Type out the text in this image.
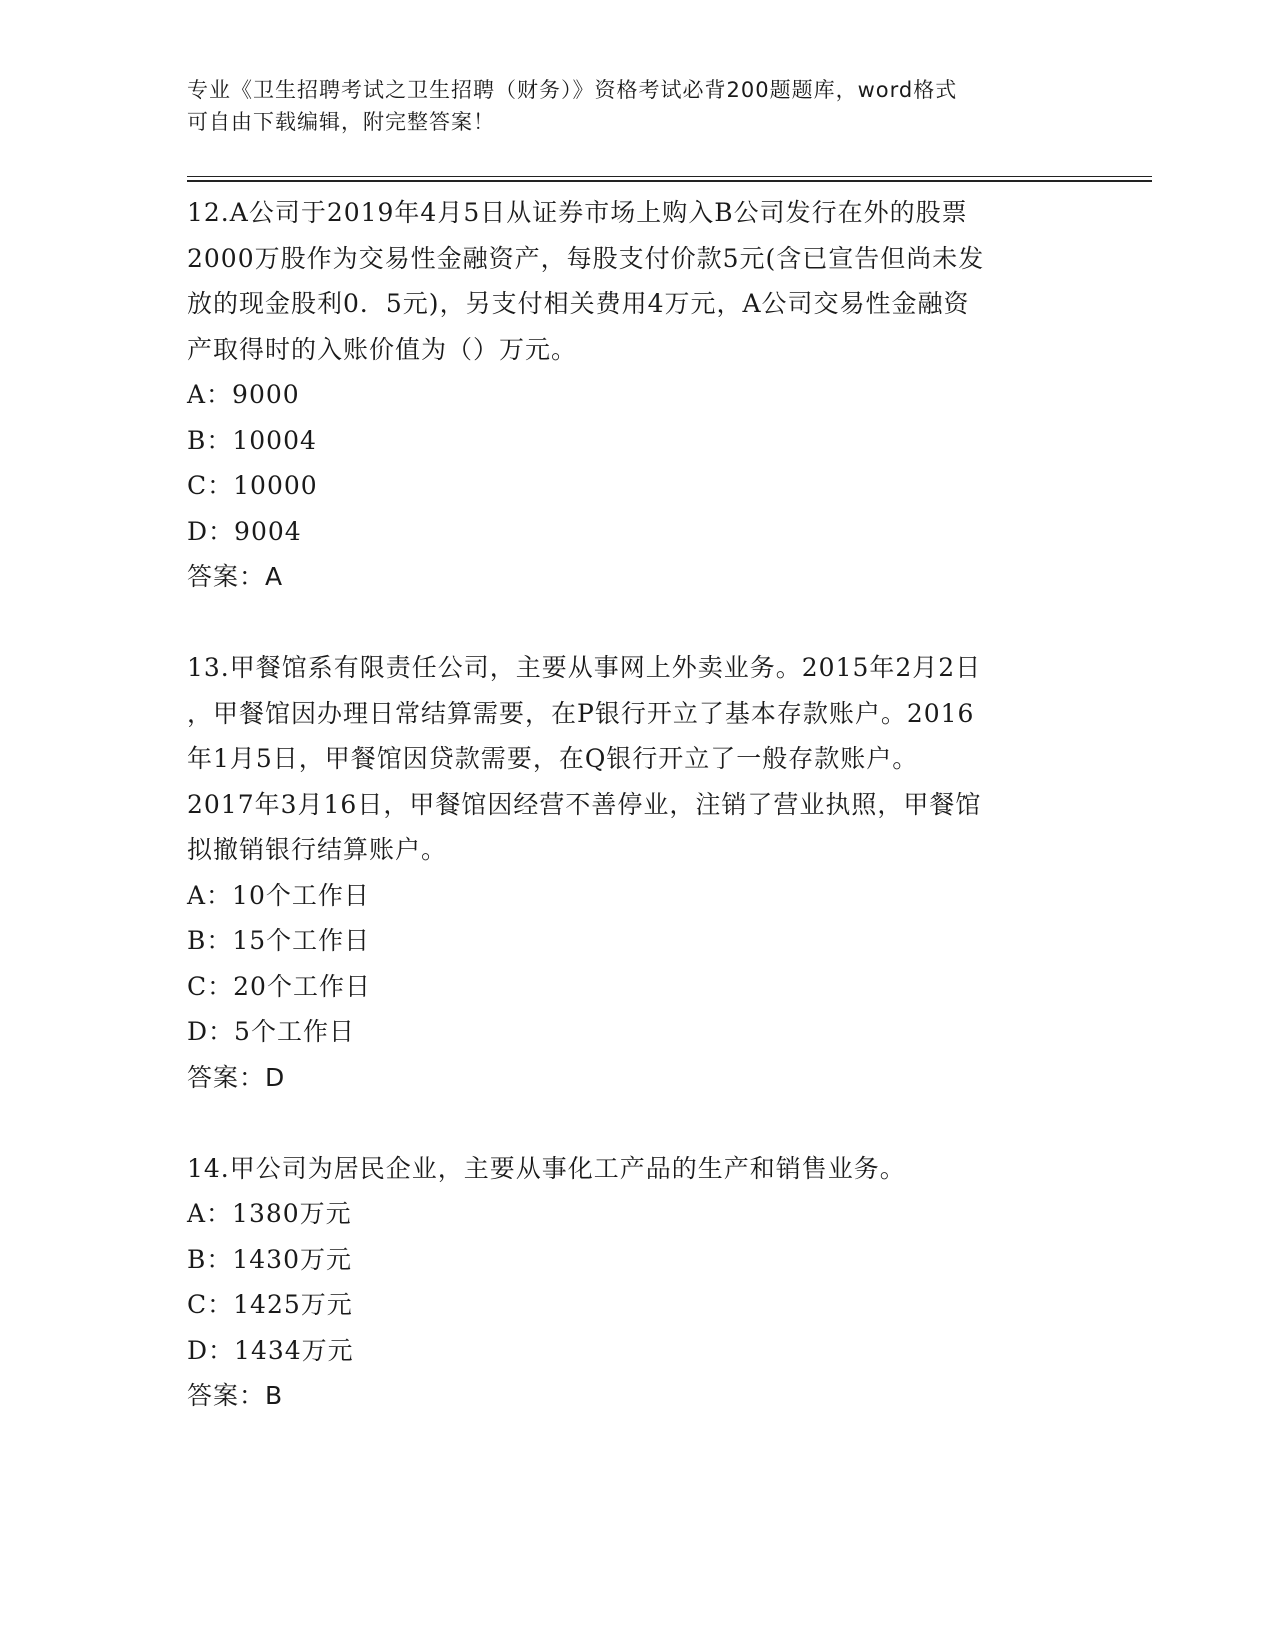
专业《卫生招聘考试之卫生招聘（财务）》资格考试必背200题题库，word格式
可自由下载编辑，附完整答案！
12.A公司于2019年4月5日从证券市场上购入B公司发行在外的股票
2000万股作为交易性金融资产，每股支付价款5元(含已宣告但尚未发
放的现金股利0．5元)，另支付相关费用4万元，A公司交易性金融资
产取得时的入账价值为（）万元。
A：9000
B：10004
C：10000
D：9004
答案：A
13.甲餐馆系有限责任公司，主要从事网上外卖业务。2015年2月2日
，甲餐馆因办理日常结算需要，在P银行开立了基本存款账户。2016
年1月5日，甲餐馆因贷款需要，在Q银行开立了一般存款账户。
2017年3月16日，甲餐馆因经营不善停业，注销了营业执照，甲餐馆
拟撤销银行结算账户。
A：10个工作日
B：15个工作日
C：20个工作日
D：5个工作日
答案：D
14.甲公司为居民企业，主要从事化工产品的生产和销售业务。
A：1380万元
B：1430万元
C：1425万元
D：1434万元
答案：B
